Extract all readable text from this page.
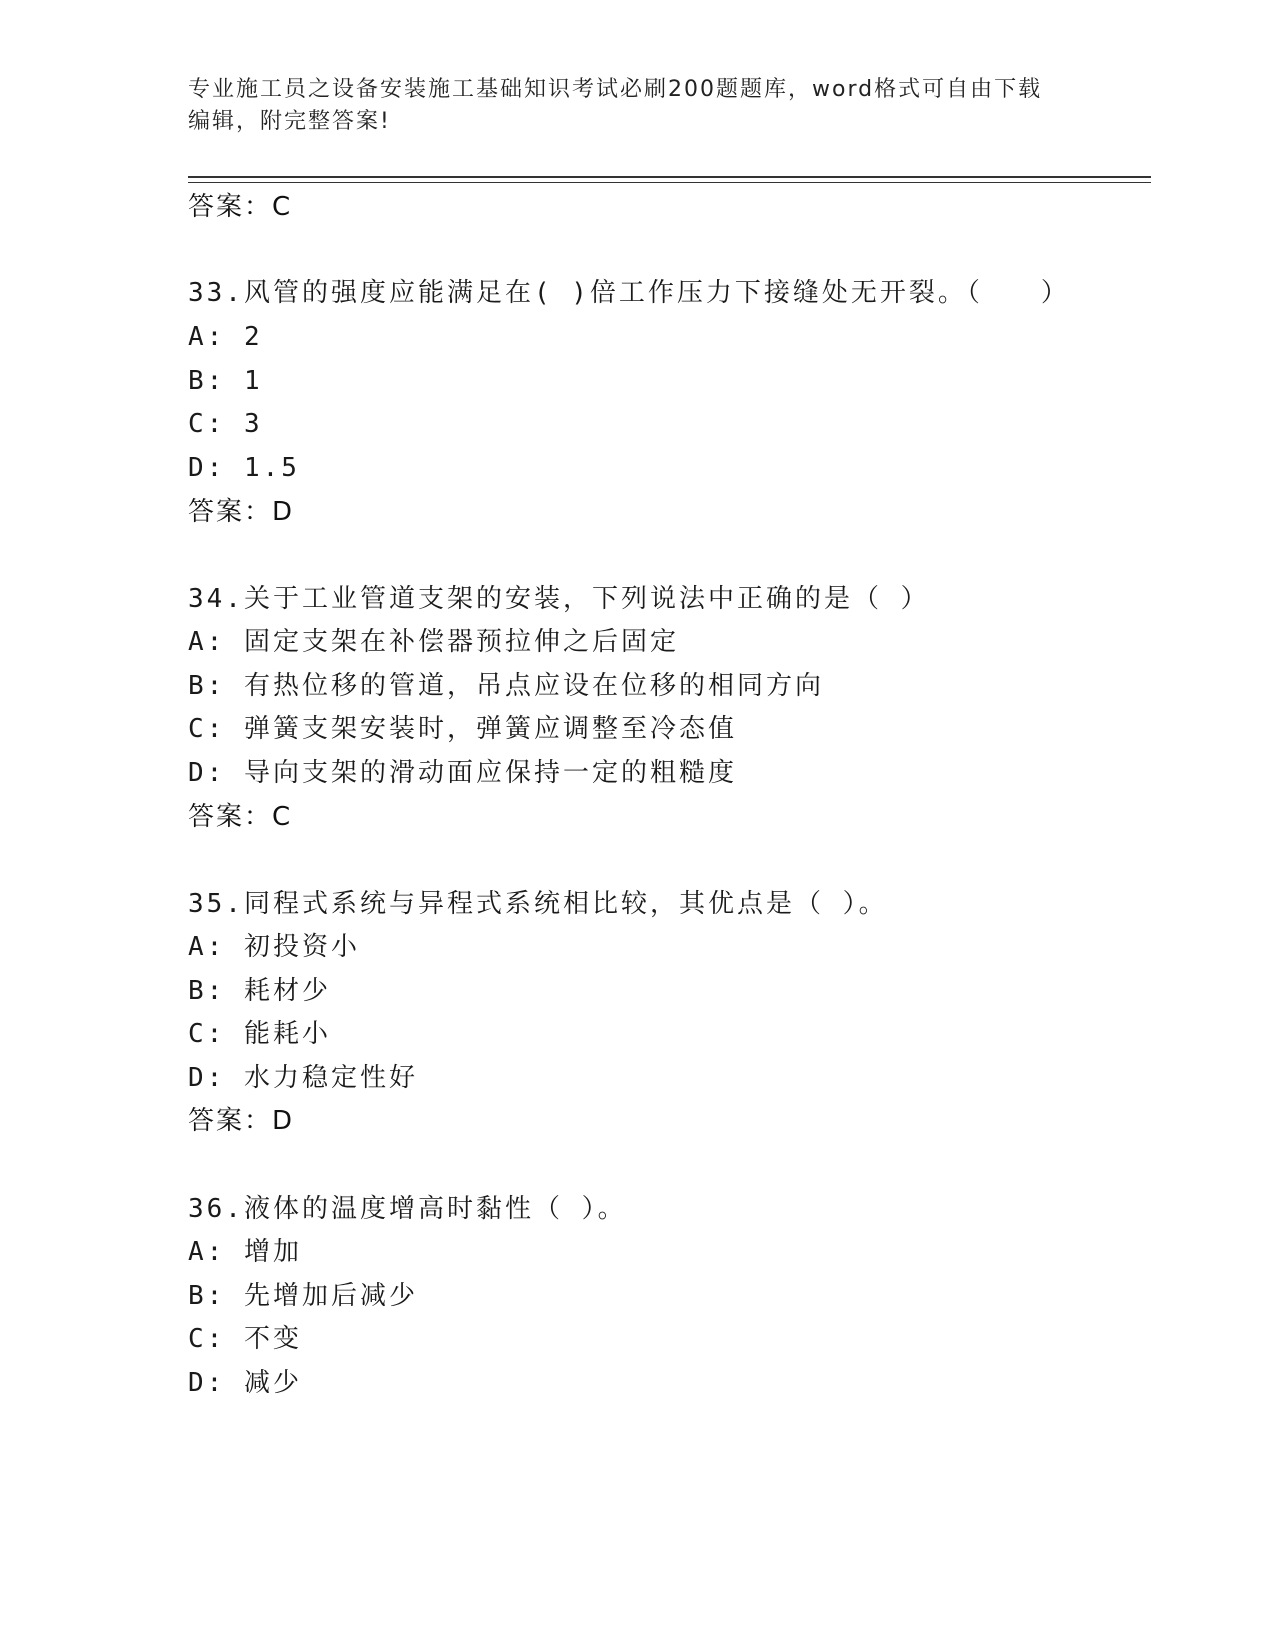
专业施工员之设备安装施工基础知识考试必刷200题题库，word格式可自由下载
编辑，附完整答案!
答案：C
33.风管的强度应能满足在( )倍工作压力下接缝处无开裂。（　　）
A: 2
B: 1
C: 3
D: 1.5
答案：D
34.关于工业管道支架的安装，下列说法中正确的是（ ）
A: 固定支架在补偿器预拉伸之后固定
B: 有热位移的管道，吊点应设在位移的相同方向
C: 弹簧支架安装时，弹簧应调整至冷态值
D: 导向支架的滑动面应保持一定的粗糙度
答案：C
35.同程式系统与异程式系统相比较，其优点是（ ）。
A: 初投资小
B: 耗材少
C: 能耗小
D: 水力稳定性好
答案：D
36.液体的温度增高时黏性（ ）。
A: 增加
B: 先增加后减少
C: 不变
D: 减少
